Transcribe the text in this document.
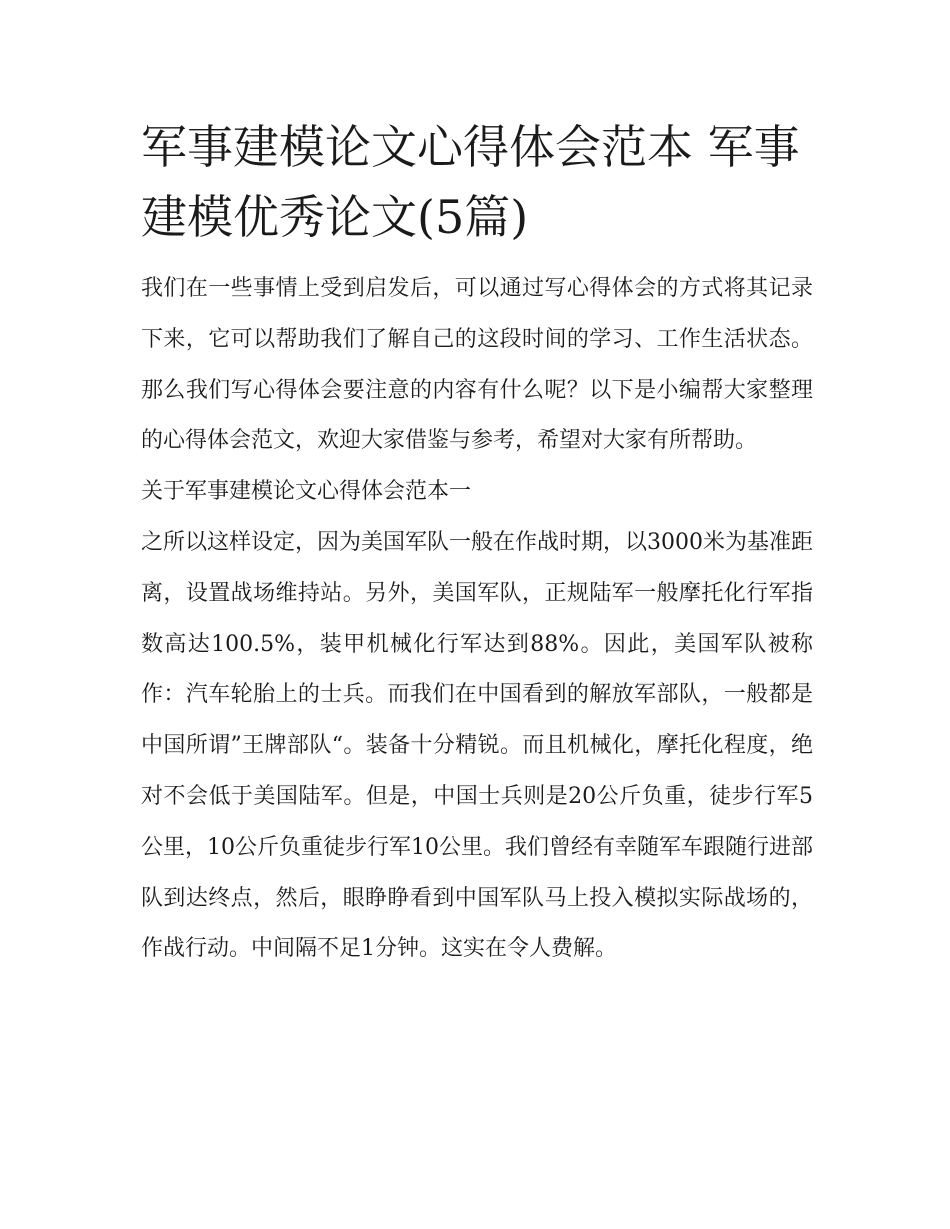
军事建模论文心得体会范本 军事建模优秀论文(5篇)

我们在一些事情上受到启发后，可以通过写心得体会的方式将其记录下来，它可以帮助我们了解自己的这段时间的学习、工作生活状态。那么我们写心得体会要注意的内容有什么呢？以下是小编帮大家整理的心得体会范文，欢迎大家借鉴与参考，希望对大家有所帮助。

关于军事建模论文心得体会范本一

之所以这样设定，因为美国军队一般在作战时期，以3000米为基准距离，设置战场维持站。另外，美国军队，正规陆军一般摩托化行军指数高达100.5%，装甲机械化行军达到88%。因此，美国军队被称作：汽车轮胎上的士兵。而我们在中国看到的解放军部队，一般都是中国所谓”王牌部队“。装备十分精锐。而且机械化，摩托化程度，绝对不会低于美国陆军。但是，中国士兵则是20公斤负重，徒步行军5公里，10公斤负重徒步行军10公里。我们曾经有幸随军车跟随行进部队到达终点，然后，眼睁睁看到中国军队马上投入模拟实际战场的，作战行动。中间隔不足1分钟。这实在令人费解。
